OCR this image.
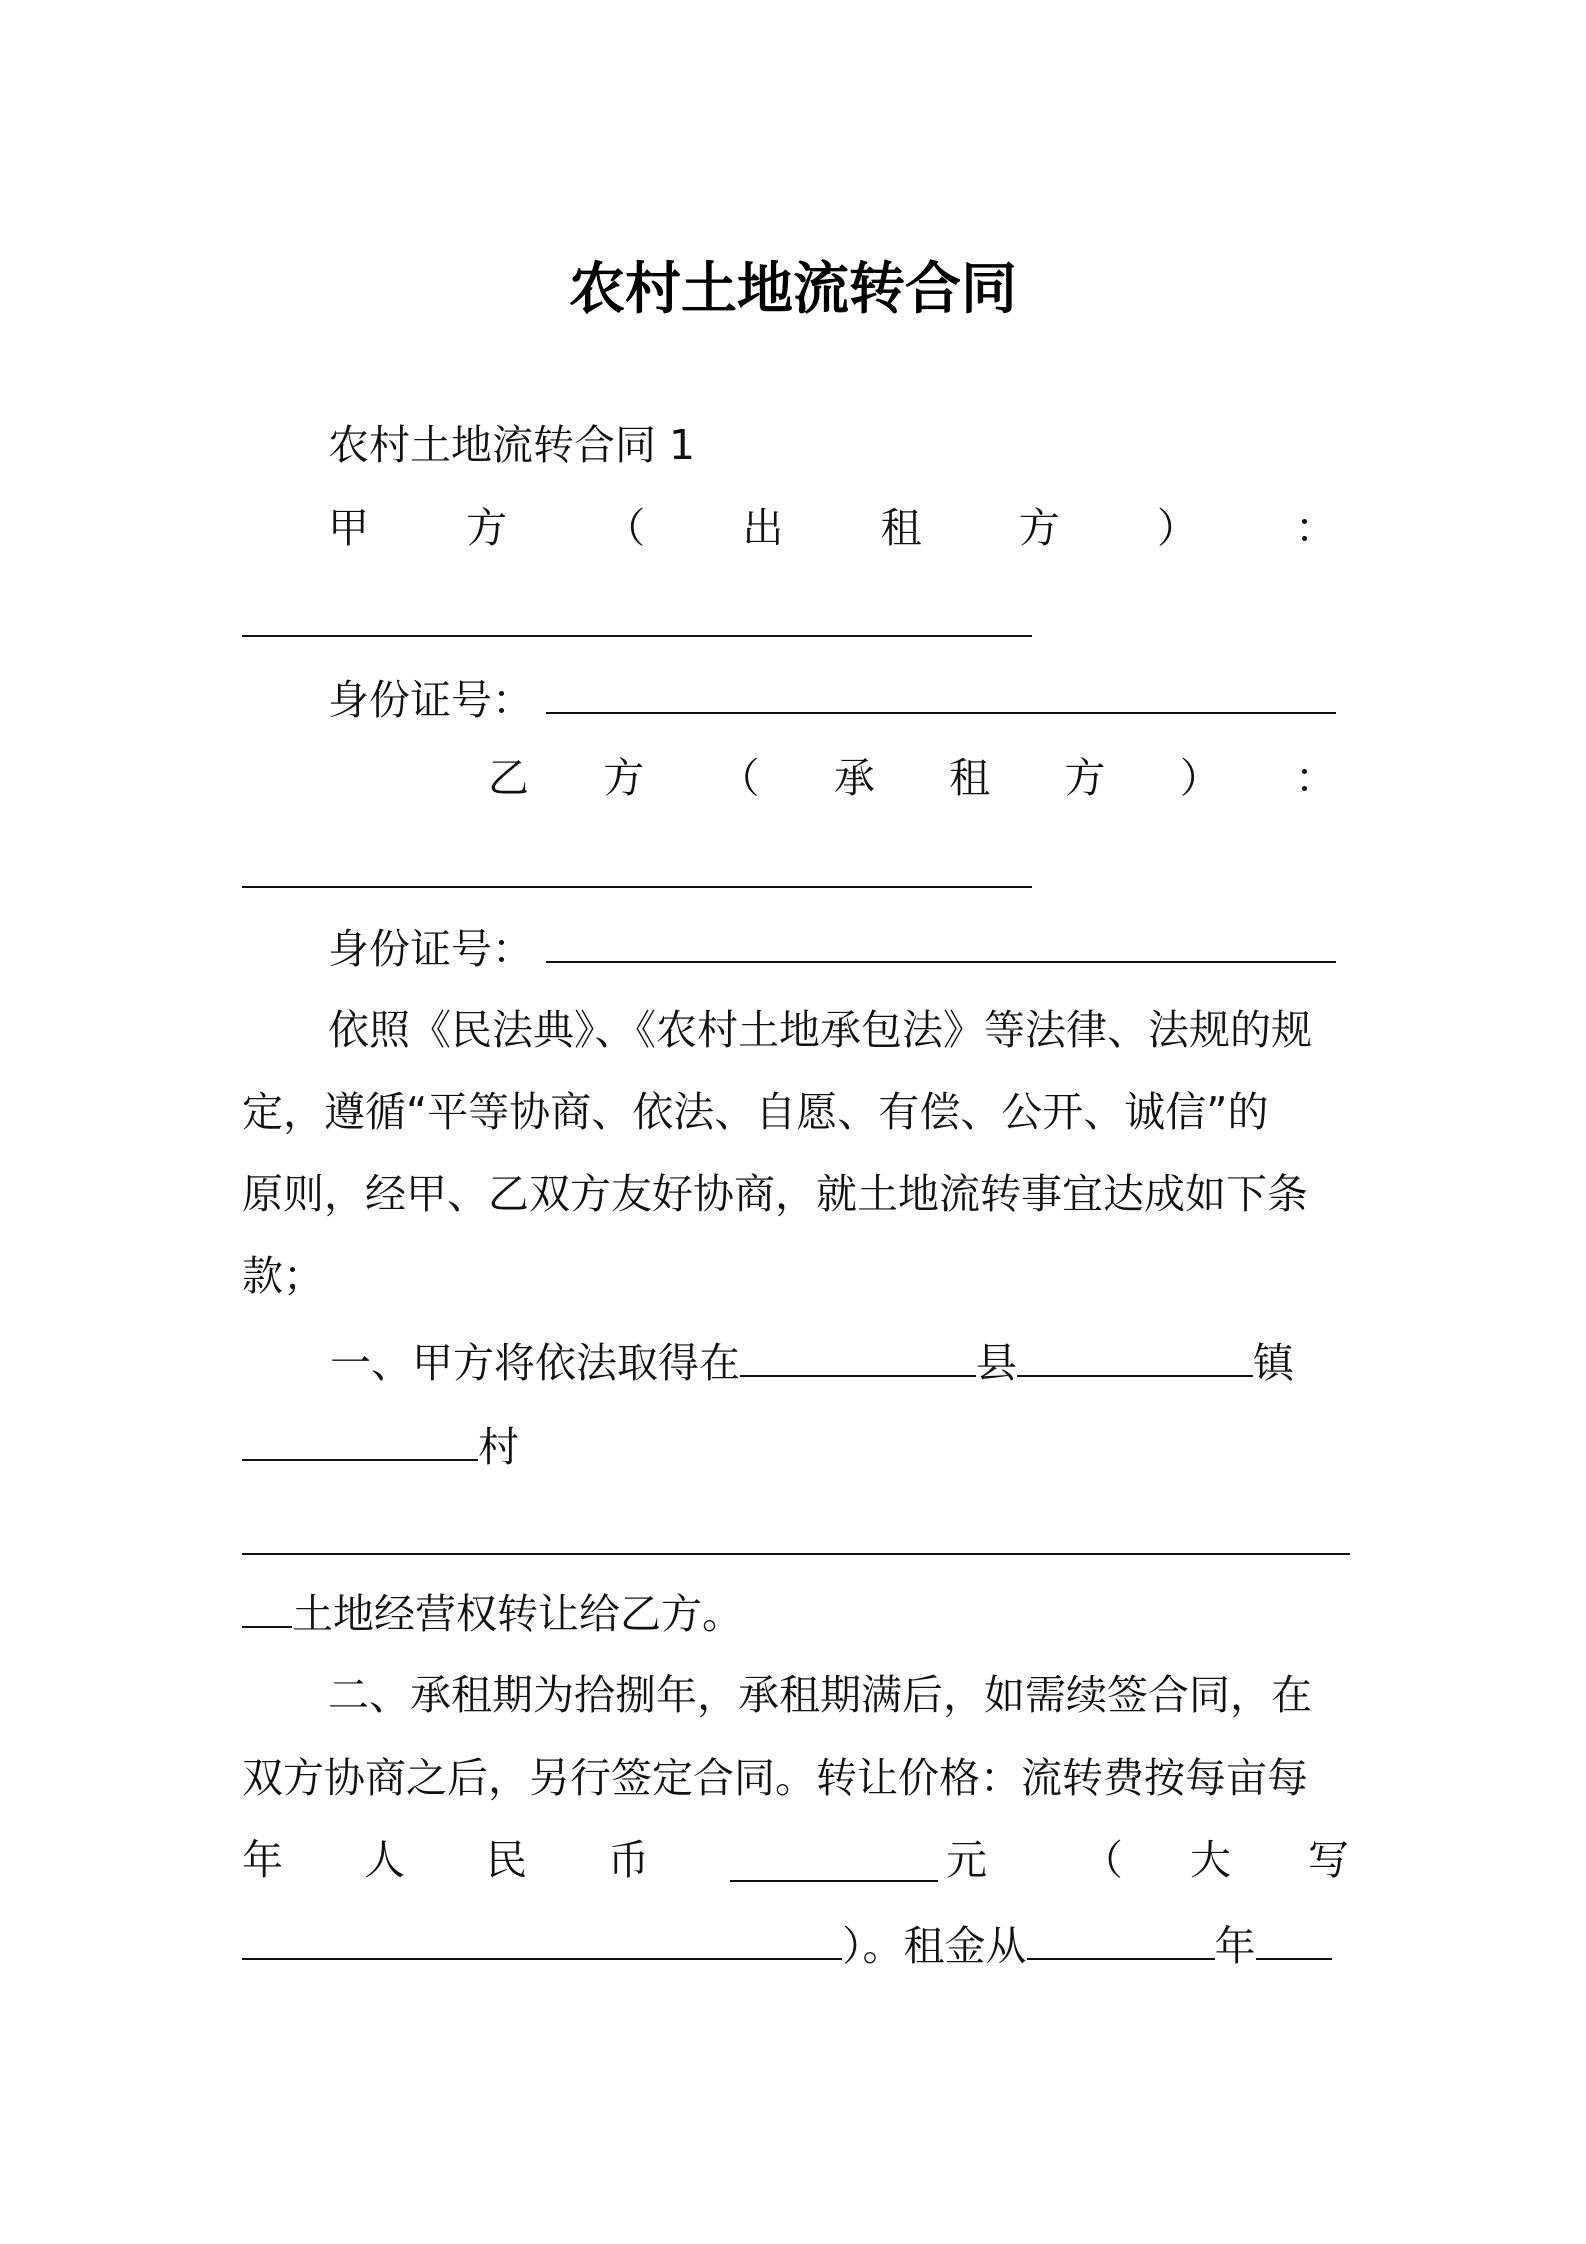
农村土地流转合同
农村土地流转合同 1
甲 方 （ 出 租 方 ） ：
身份证号：
乙 方 （ 承 租 方 ） ：
身份证号：
依照《民法典》、《农村土地承包法》等法律、法规的规
定，遵循“平等协商、依法、自愿、有偿、公开、诚信”的
原则，经甲、乙双方友好协商，就土地流转事宜达成如下条
款；
一、甲方将依法取得在	县	镇
村
土地经营权转让给乙方。
二、承租期为拾捌年，承租期满后，如需续签合同，在
双方协商之后，另行签定合同。转让价格：流转费按每亩每
年 人 民 币	元 （ 大 写
）。租金从	年
